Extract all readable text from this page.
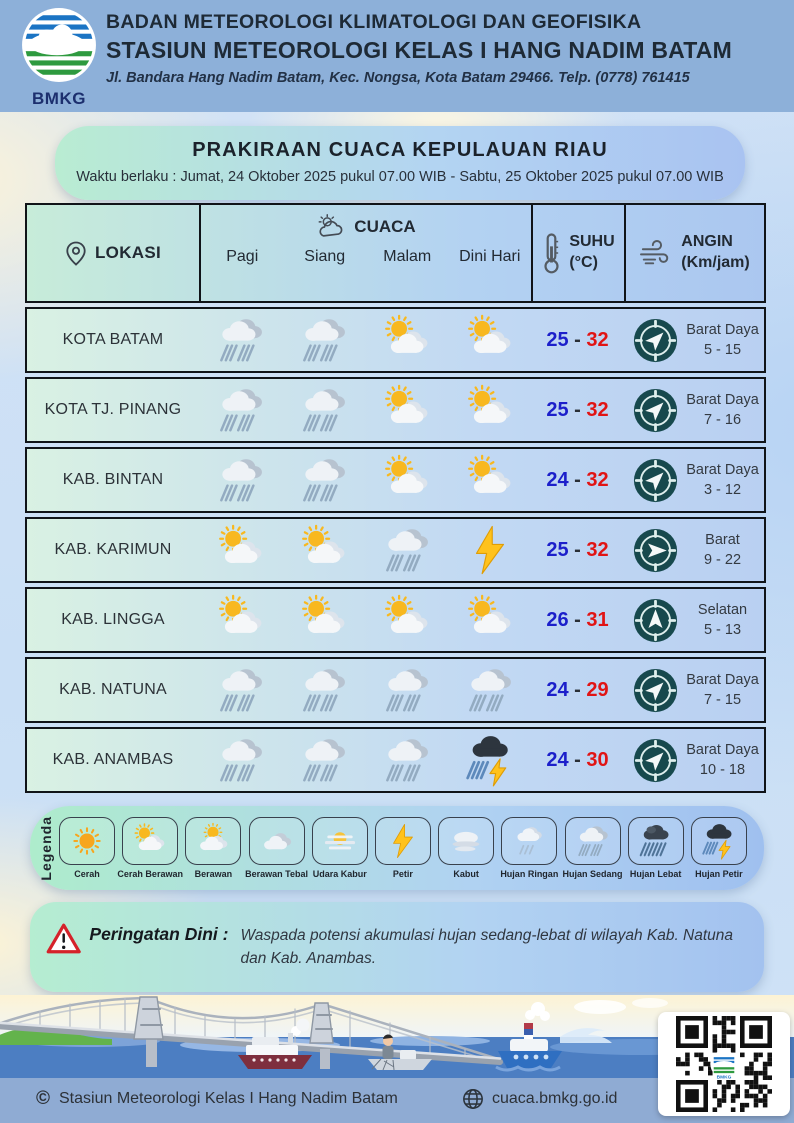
BMKG
BADAN METEOROLOGI KLIMATOLOGI DAN GEOFISIKA
STASIUN METEOROLOGI KELAS I HANG NADIM BATAM
Jl. Bandara Hang Nadim Batam, Kec. Nongsa, Kota Batam 29466. Telp. (0778) 761415
PRAKIRAAN CUACA KEPULAUAN RIAU
Waktu berlaku : Jumat, 24 Oktober 2025 pukul 07.00 WIB - Sabtu, 25 Oktober 2025 pukul 07.00 WIB
LOKASI
CUACA
Pagi	Siang	Malam	Dini Hari
SUHU
(°C)
ANGIN
(Km/jam)
KOTA BATAM	25 - 32	Barat Daya
5 - 15
KOTA TJ. PINANG	25 - 32	Barat Daya
7 - 16
KAB. BINTAN	24 - 32	Barat Daya
3 - 12
KAB. KARIMUN	25 - 32	Barat
9 - 22
KAB. LINGGA	26 - 31	Selatan
5 - 13
KAB. NATUNA	24 - 29	Barat Daya
7 - 15
KAB. ANAMBAS	24 - 30	Barat Daya
10 - 18
Legenda Cerah Cerah Berawan Berawan Berawan Tebal Udara Kabur	Petir	Kabut Hujan Ringan Hujan Sedang Hujan Lebat Hujan Petir
Peringatan Dini : Waspada potensi akumulasi hujan sedang-lebat di wilayah Kab. Natuna dan Kab. Anambas.
© Stasiun Meteorologi Kelas I Hang Nadim Batam	cuaca.bmkg.go.id
BMKG
